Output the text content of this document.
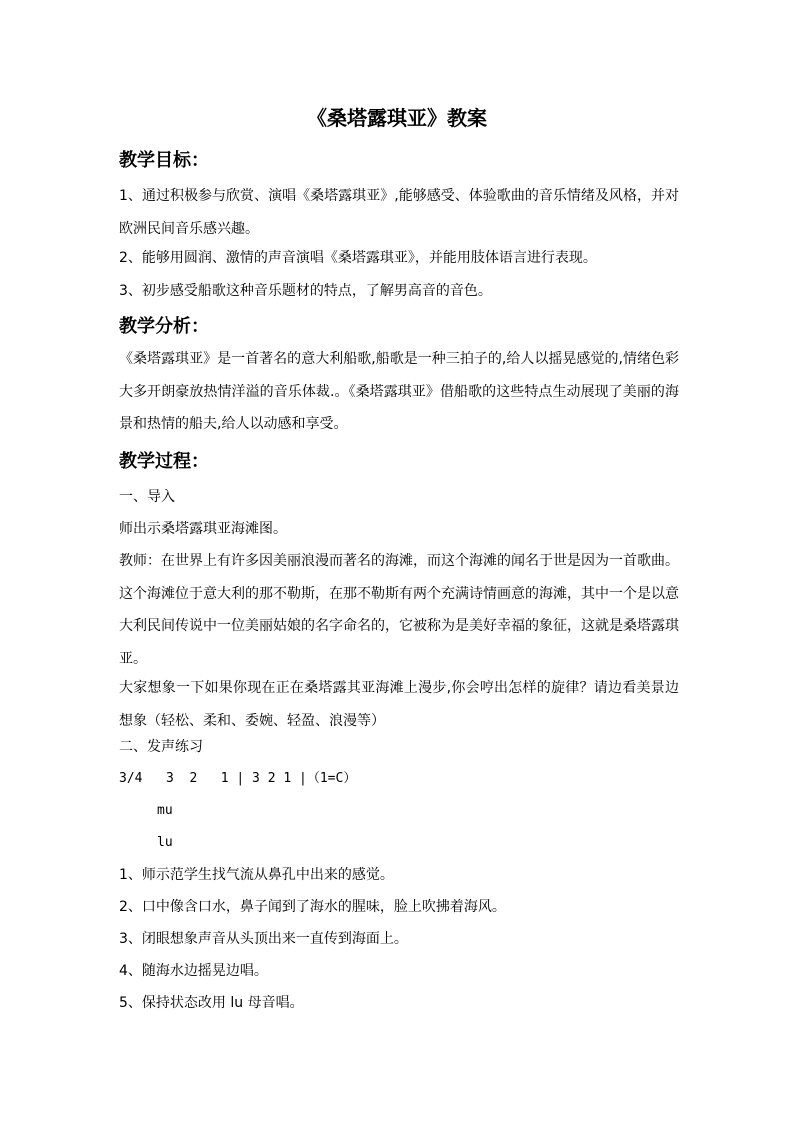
《桑塔露琪亚》教案
教学目标：

1、通过积极参与欣赏、演唱《桑塔露琪亚》,能够感受、体验歌曲的音乐情绪及风格，并对欧洲民间音乐感兴趣。

2、能够用圆润、激情的声音演唱《桑塔露琪亚》，并能用肢体语言进行表现。

3、初步感受船歌这种音乐题材的特点，了解男高音的音色。

教学分析：

《桑塔露琪亚》是一首著名的意大利船歌,船歌是一种三拍子的,给人以摇晃感觉的,情绪色彩大多开朗豪放热情洋溢的音乐体裁.。《桑塔露琪亚》借船歌的这些特点生动展现了美丽的海景和热情的船夫,给人以动感和享受。

教学过程：

一、导入

师出示桑塔露琪亚海滩图。

教师：在世界上有许多因美丽浪漫而著名的海滩，而这个海滩的闻名于世是因为一首歌曲。这个海滩位于意大利的那不勒斯，在那不勒斯有两个充满诗情画意的海滩，其中一个是以意大利民间传说中一位美丽姑娘的名字命名的，它被称为是美好幸福的象征，这就是桑塔露琪亚。

大家想象一下如果你现在正在桑塔露其亚海滩上漫步,你会哼出怎样的旋律？请边看美景边想象（轻松、柔和、委婉、轻盈、浪漫等）

二、发声练习

3/4   3  2   1 | 3 2 1 |（1=C）

mu

lu

1、师示范学生找气流从鼻孔中出来的感觉。

2、口中像含口水，鼻子闻到了海水的腥味，脸上吹拂着海风。

3、闭眼想象声音从头顶出来一直传到海面上。

4、随海水边摇晃边唱。

5、保持状态改用 lu 母音唱。
